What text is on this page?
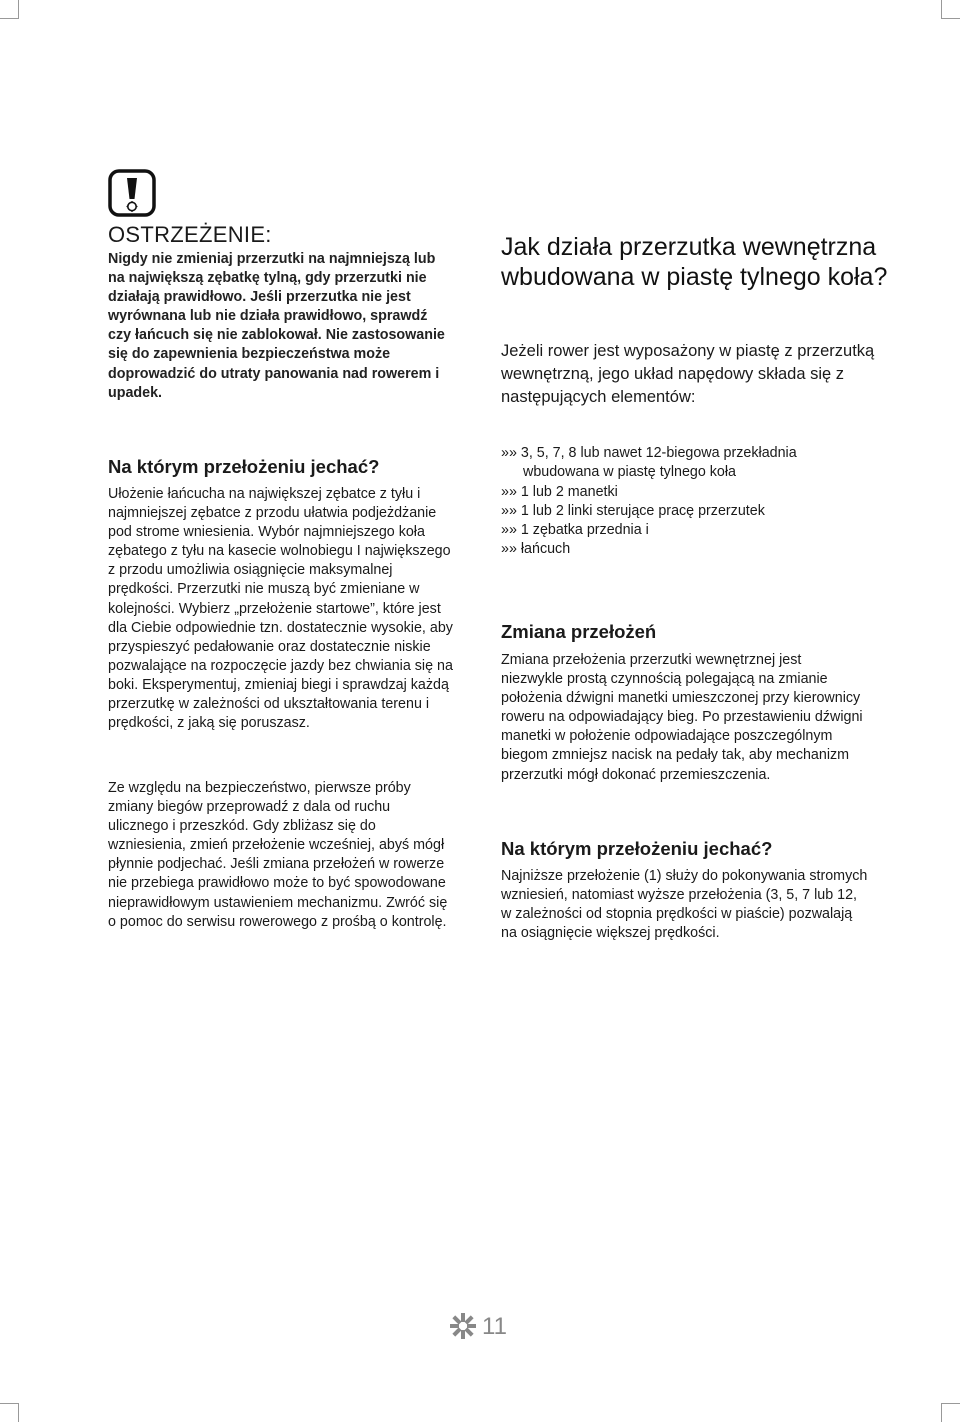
OSTRZEŻENIE:
Nigdy nie zmieniaj przerzutki na najmniejszą lub na największą zębatkę tylną, gdy przerzutki nie działają prawidłowo. Jeśli przerzutka nie jest wyrównana lub nie działa prawidłowo, sprawdź czy łańcuch się nie zablokował. Nie zastosowanie się do zapewnienia bezpieczeństwa może doprowadzić do utraty panowania nad rowerem i upadek.
Jak działa przerzutka wewnętrzna wbudowana w piastę tylnego koła?
Jeżeli rower jest wyposażony w piastę z przerzutką wewnętrzną, jego układ napędowy składa się z następujących elementów:
»» 3, 5, 7, 8 lub nawet 12-biegowa przekładnia
wbudowana w piastę tylnego koła
»» 1 lub 2 manetki
»» 1 lub 2 linki sterujące pracę przerzutek
»» 1 zębatka przednia i
»» łańcuch
Na którym przełożeniu jechać?
Ułożenie łańcucha na największej zębatce z tyłu i najmniejszej zębatce z przodu ułatwia podjeżdżanie pod strome wniesienia. Wybór najmniejszego koła zębatego z tyłu na kasecie wolnobiegu I największego z przodu umożliwia osiągnięcie maksymalnej prędkości. Przerzutki nie muszą być zmieniane w kolejności. Wybierz „przełożenie startowe”, które jest dla Ciebie odpowiednie tzn. dostatecznie wysokie, aby przyspieszyć pedałowanie oraz dostatecznie niskie pozwalające na rozpoczęcie jazdy bez chwiania się na boki. Eksperymentuj, zmieniaj biegi i sprawdzaj każdą przerzutkę w zależności od ukształtowania terenu i prędkości, z jaką się poruszasz.
Ze względu na bezpieczeństwo, pierwsze próby zmiany biegów przeprowadź z dala od ruchu ulicznego i przeszkód. Gdy zbliżasz się do wzniesienia, zmień przełożenie wcześniej, abyś mógł płynnie podjechać. Jeśli zmiana przełożeń w rowerze nie przebiega prawidłowo może to być spowodowane nieprawidłowym ustawieniem mechanizmu. Zwróć się o pomoc do serwisu rowerowego z prośbą o kontrolę.
Zmiana przełożeń
Zmiana przełożenia przerzutki wewnętrznej jest niezwykle prostą czynnością polegającą na zmianie położenia dźwigni manetki umieszczonej przy kierownicy roweru na odpowiadający bieg. Po przestawieniu dźwigni manetki w położenie odpowiadające poszczególnym biegom zmniejsz nacisk na pedały tak, aby mechanizm przerzutki mógł dokonać przemieszczenia.
Na którym przełożeniu jechać?
Najniższe przełożenie (1) służy do pokonywania stromych wzniesień, natomiast wyższe przełożenia (3, 5, 7 lub 12, w zależności od stopnia prędkości w piaście) pozwalają na osiągnięcie większej prędkości.
11
